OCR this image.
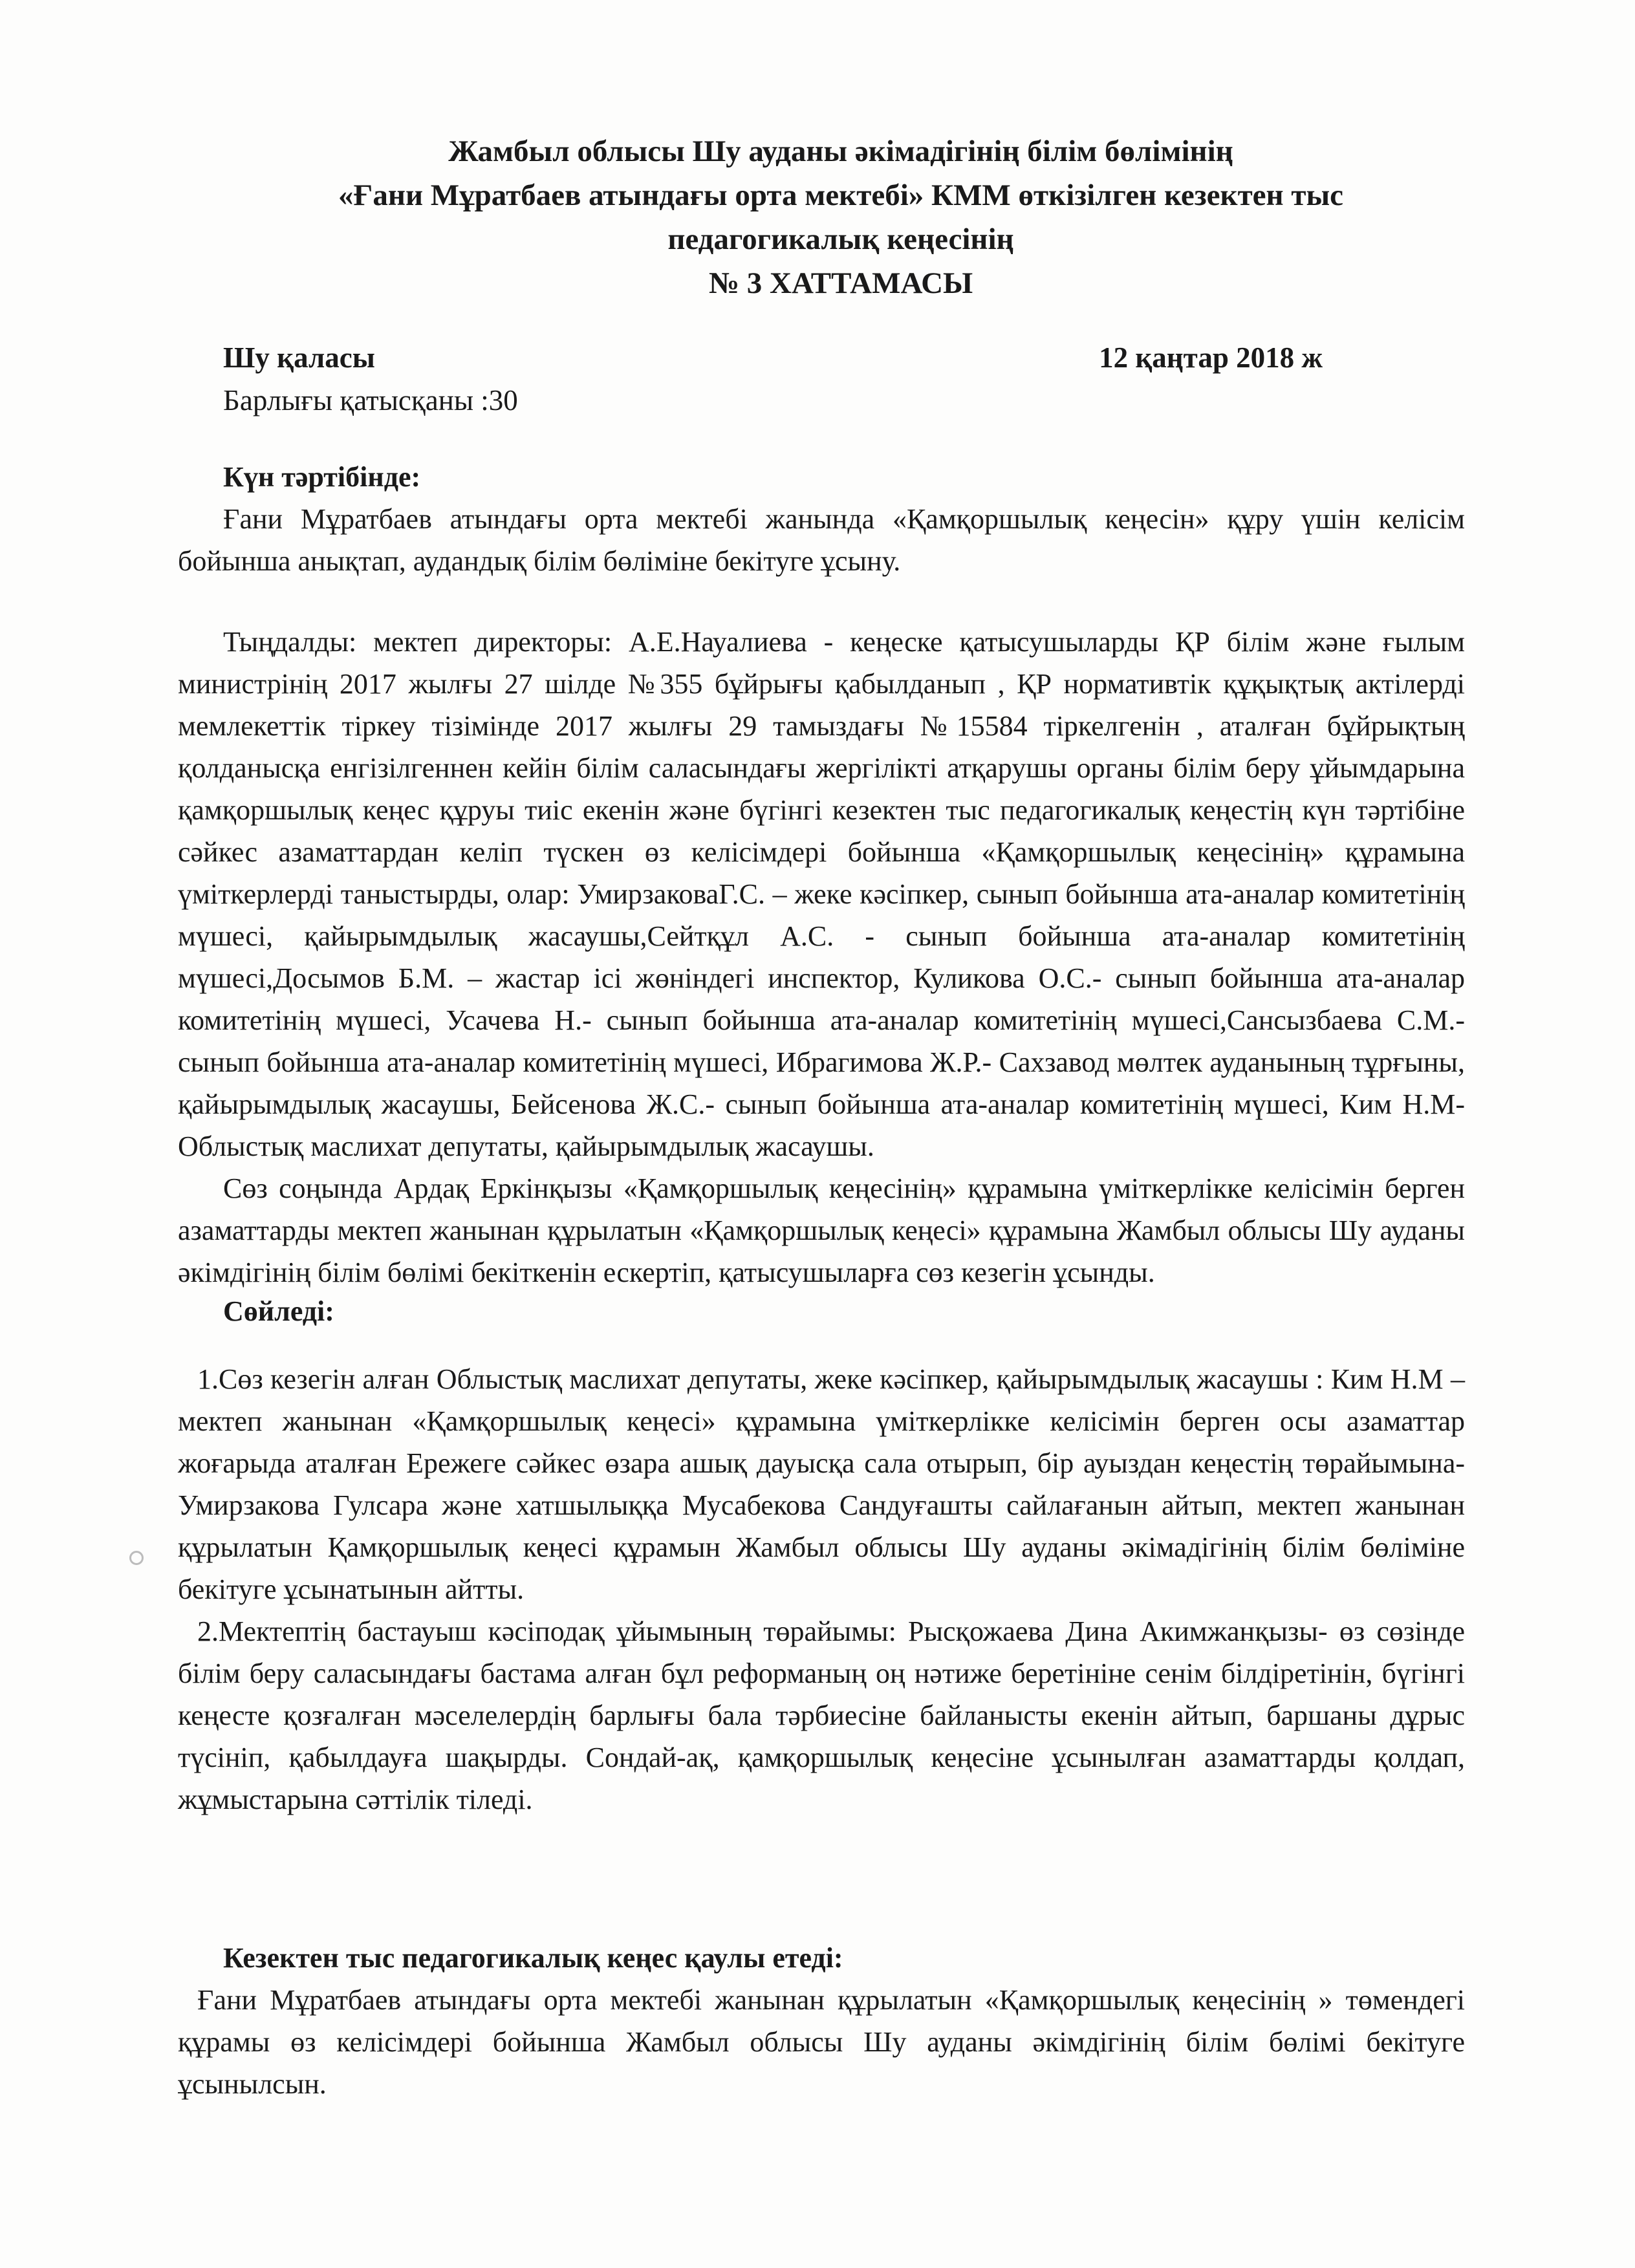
Жамбыл облысы Шу ауданы әкімадігінің білім бөлімінің
«Ғани Мұратбаев атындағы орта мектебі» КММ өткізілген кезектен тыс
педагогикалық кеңесінің
№ 3 ХАТТАМАСЫ
Шу қаласы	12 қаңтар 2018 ж
Барлығы қатысқаны :30
Күн тәртібінде:

Ғани Мұратбаев атындағы орта мектебі жанында «Қамқоршылық кеңесін» құру үшін келісім бойынша анықтап, аудандық білім бөліміне бекітуге ұсыну.

Тыңдалды: мектеп директоры: А.Е.Науалиева - кеңеске қатысушыларды ҚР білім және ғылым министрінің 2017 жылғы 27 шілде №355 бұйрығы қабылданып , ҚР нормативтік құқықтық актілерді мемлекеттік тіркеу тізімінде 2017 жылғы 29 тамыздағы №15584 тіркелгенін , аталған бұйрықтың қолданысқа енгізілгеннен кейін білім саласындағы жергілікті атқарушы органы білім беру ұйымдарына қамқоршылық кеңес құруы тиіс екенін және бүгінгі кезектен тыс педагогикалық кеңестің күн тәртібіне сәйкес азаматтардан келіп түскен өз келісімдері бойынша «Қамқоршылық кеңесінің» құрамына үміткерлерді таныстырды, олар: УмирзаковаГ.С. – жеке кәсіпкер, сынып бойынша ата-аналар комитетінің мүшесі, қайырымдылық жасаушы,Сейтқұл А.С. - сынып бойынша ата-аналар комитетінің мүшесі,Досымов Б.М. – жастар ісі жөніндегі инспектор, Куликова О.С.- сынып бойынша ата-аналар комитетінің мүшесі, Усачева Н.- сынып бойынша ата-аналар комитетінің мүшесі,Сансызбаева С.М.- сынып бойынша ата-аналар комитетінің мүшесі, Ибрагимова Ж.Р.- Сахзавод мөлтек ауданының тұрғыны, қайырымдылық жасаушы, Бейсенова Ж.С.- сынып бойынша ата-аналар комитетінің мүшесі, Ким Н.М- Облыстық маслихат депутаты, қайырымдылық жасаушы.

Сөз соңында Ардақ Еркінқызы «Қамқоршылық кеңесінің» құрамына үміткерлікке келісімін берген азаматтарды мектеп жанынан құрылатын «Қамқоршылық кеңесі» құрамына Жамбыл облысы Шу ауданы әкімдігінің білім бөлімі бекіткенін ескертіп, қатысушыларға сөз кезегін ұсынды.

Сөйледі:

1.Сөз кезегін алған Облыстық маслихат депутаты, жеке кәсіпкер, қайырымдылық жасаушы : Ким Н.М – мектеп жанынан «Қамқоршылық кеңесі» құрамына үміткерлікке келісімін берген осы азаматтар жоғарыда аталған Ережеге сәйкес өзара ашық дауысқа сала отырып, бір ауыздан кеңестің төрайымына- Умирзакова Гулсара және хатшылыққа Мусабекова Сандуғашты сайлағанын айтып, мектеп жанынан құрылатын Қамқоршылық кеңесі құрамын Жамбыл облысы Шу ауданы әкімадігінің білім бөліміне бекітуге ұсынатынын айтты.

2.Мектептің бастауыш кәсіподақ ұйымының төрайымы: Рысқожаева Дина Акимжанқызы- өз сөзінде білім беру саласындағы бастама алған бұл реформаның оң нәтиже беретініне сенім білдіретінін, бүгінгі кеңесте қозғалған мәселелердің барлығы бала тәрбиесіне байланысты екенін айтып, баршаны дұрыс түсініп, қабылдауға шақырды. Сондай-ақ, қамқоршылық кеңесіне ұсынылған азаматтарды қолдап, жұмыстарына сәттілік тіледі.

Кезектен тыс педагогикалық кеңес қаулы етеді:

Ғани Мұратбаев атындағы орта мектебі жанынан құрылатын «Қамқоршылық кеңесінің » төмендегі құрамы өз келісімдері бойынша Жамбыл облысы Шу ауданы әкімдігінің білім бөлімі бекітуге ұсынылсын.
